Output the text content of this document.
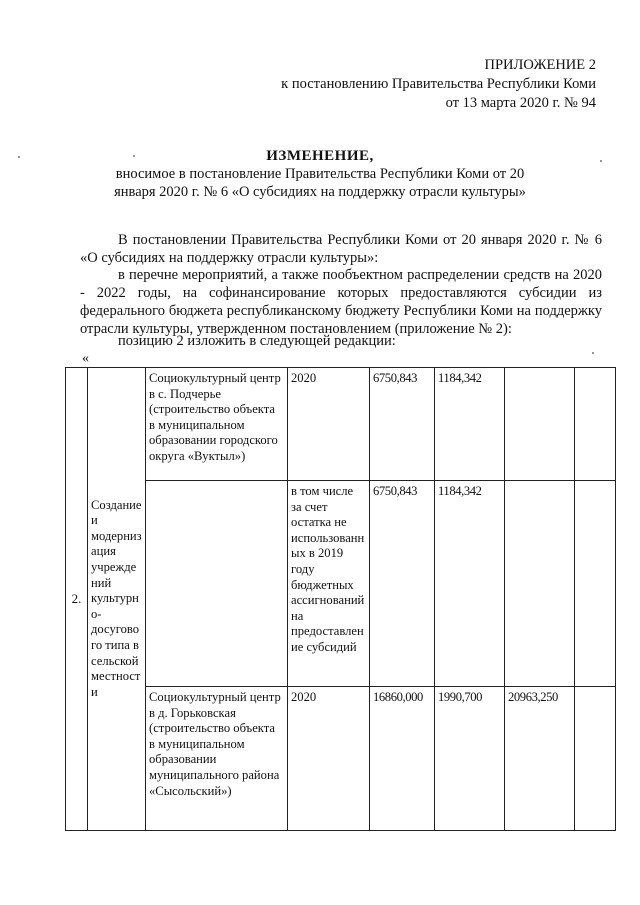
ПРИЛОЖЕНИЕ 2
к постановлению Правительства Республики Коми
от 13 марта 2020 г. № 94
ИЗМЕНЕНИЕ,
вносимое в постановление Правительства Республики Коми от 20 января 2020 г. № 6 «О субсидиях на поддержку отрасли культуры»
В постановлении Правительства Республики Коми от 20 января 2020 г. № 6 «О субсидиях на поддержку отрасли культуры»:
в перечне мероприятий, а также пообъектном распределении средств на 2020 - 2022 годы, на софинансирование которых предоставляются субсидии из федерального бюджета республиканскому бюджету Республики Коми на поддержку отрасли культуры, утвержденном постановлением (приложение № 2):
позицию 2 изложить в следующей редакции:
«
2.	Создание и модернизация учреждений культурно-досугового типа в сельской местности	Социокультурный центр в с. Подчерье (строительство объекта в муниципальном образовании городского округа «Вуктыл»)	2020	6750,843	1184,342		
			в том числе за счет остатка не использованных в 2019 году бюджетных ассигнований на предоставление субсидий	6750,843	1184,342		
		Социокультурный центр в д. Горьковская (строительство объекта в муниципальном образовании муниципального района «Сысольский»)	2020	16860,000	1990,700	20963,250	
